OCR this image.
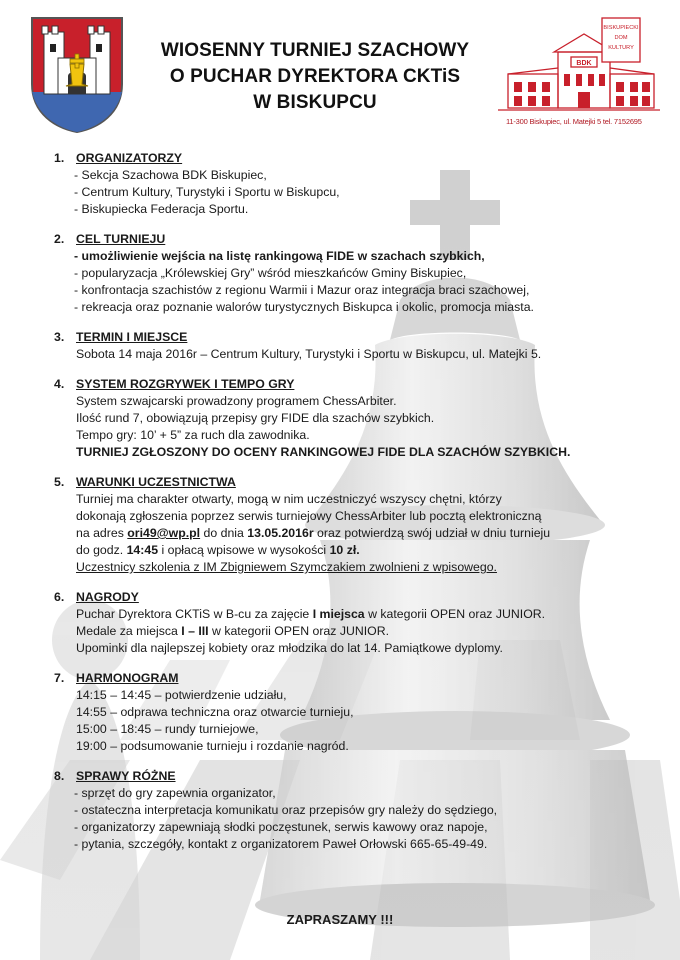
WIOSENNY TURNIEJ SZACHOWY
O PUCHAR DYREKTORA CKTiS
W BISKUPCU
BISKUPIECKI
DOM
KULTURY
BDK
11-300 Biskupiec, ul. Matejki 5 tel. 7152695
1. ORGANIZATORZY
- Sekcja Szachowa BDK Biskupiec,
- Centrum Kultury, Turystyki i Sportu w Biskupcu,
- Biskupiecka Federacja Sportu.
2. CEL TURNIEJU
- umożliwienie wejścia na listę rankingową FIDE w szachach szybkich,
- popularyzacja „Królewskiej Gry” wśród mieszkańców Gminy Biskupiec,
- konfrontacja szachistów z regionu Warmii i Mazur oraz integracja braci szachowej,
- rekreacja oraz poznanie walorów turystycznych Biskupca i okolic, promocja miasta.
3. TERMIN I MIEJSCE
Sobota 14 maja 2016r – Centrum Kultury, Turystyki i Sportu w Biskupcu, ul. Matejki 5.
4. SYSTEM ROZGRYWEK I TEMPO GRY
System szwajcarski prowadzony programem ChessArbiter.
Ilość rund 7, obowiązują przepisy gry FIDE dla szachów szybkich.
Tempo gry: 10’ + 5” za ruch dla zawodnika.
TURNIEJ ZGŁOSZONY DO OCENY RANKINGOWEJ FIDE DLA SZACHÓW SZYBKICH.
5. WARUNKI UCZESTNICTWA
Turniej ma charakter otwarty, mogą w nim uczestniczyć wszyscy chętni, którzy
dokonają zgłoszenia poprzez serwis turniejowy ChessArbiter lub pocztą elektroniczną
na adres ori49@wp.pl do dnia 13.05.2016r oraz potwierdzą swój udział w dniu turnieju
do godz. 14:45 i opłacą wpisowe w wysokości 10 zł.
Uczestnicy szkolenia z IM Zbigniewem Szymczakiem zwolnieni z wpisowego.
6. NAGRODY
Puchar Dyrektora CKTiS w B-cu za zajęcie I miejsca w kategorii OPEN oraz JUNIOR.
Medale za miejsca I – III w kategorii OPEN oraz JUNIOR.
Upominki dla najlepszej kobiety oraz młodzika do lat 14. Pamiątkowe dyplomy.
7. HARMONOGRAM
14:15 – 14:45 – potwierdzenie udziału,
14:55 – odprawa techniczna oraz otwarcie turnieju,
15:00 – 18:45 – rundy turniejowe,
19:00 – podsumowanie turnieju i rozdanie nagród.
8. SPRAWY RÓŻNE
- sprzęt do gry zapewnia organizator,
- ostateczna interpretacja komunikatu oraz przepisów gry należy do sędziego,
- organizatorzy zapewniają słodki poczęstunek, serwis kawowy oraz napoje,
- pytania, szczegóły, kontakt z organizatorem Paweł Orłowski 665-65-49-49.
ZAPRASZAMY !!!
